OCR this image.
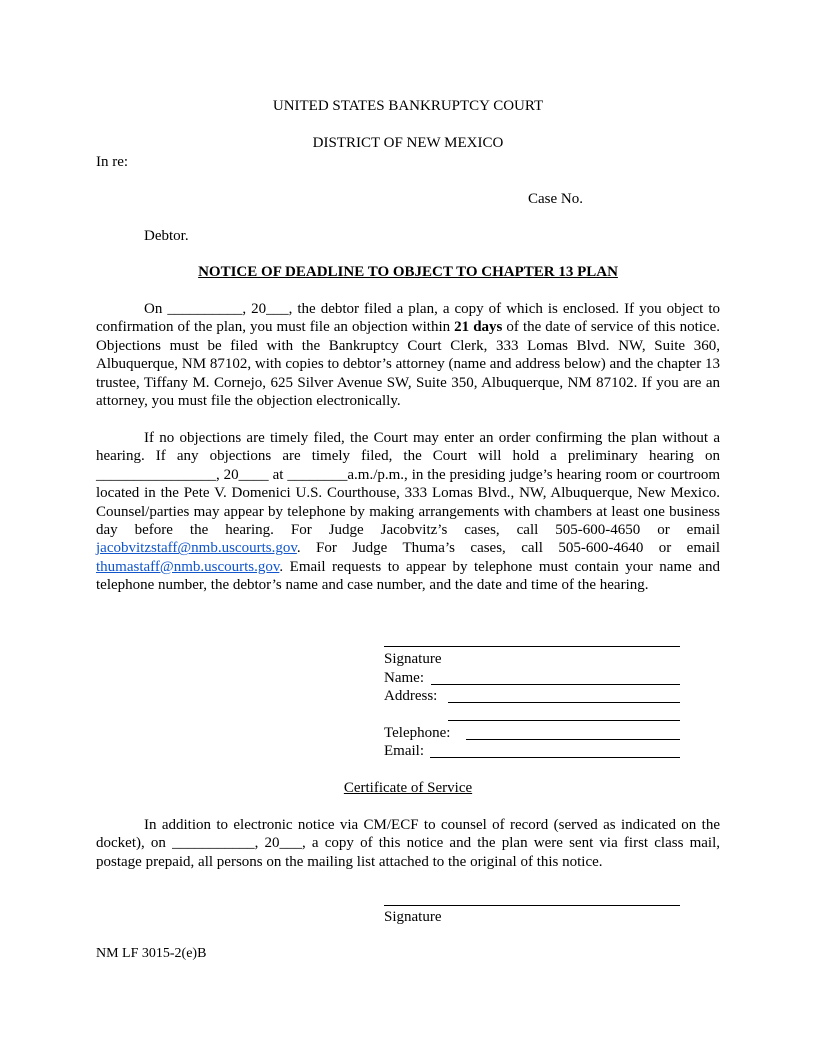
UNITED STATES BANKRUPTCY COURT
DISTRICT OF NEW MEXICO
In re:
Case No.
Debtor.
NOTICE OF DEADLINE TO OBJECT TO CHAPTER 13 PLAN
On __________, 20___, the debtor filed a plan, a copy of which is enclosed. If you object to confirmation of the plan, you must file an objection within 21 days of the date of service of this notice. Objections must be filed with the Bankruptcy Court Clerk, 333 Lomas Blvd. NW, Suite 360, Albuquerque, NM 87102, with copies to debtor’s attorney (name and address below) and the chapter 13 trustee, Tiffany M. Cornejo, 625 Silver Avenue SW, Suite 350, Albuquerque, NM 87102. If you are an attorney, you must file the objection electronically.
If no objections are timely filed, the Court may enter an order confirming the plan without a hearing. If any objections are timely filed, the Court will hold a preliminary hearing on ________________, 20____ at ________a.m./p.m., in the presiding judge’s hearing room or courtroom located in the Pete V. Domenici U.S. Courthouse, 333 Lomas Blvd., NW, Albuquerque, New Mexico. Counsel/parties may appear by telephone by making arrangements with chambers at least one business day before the hearing. For Judge Jacobvitz’s cases, call 505-600-4650 or email jacobvitzstaff@nmb.uscourts.gov. For Judge Thuma’s cases, call 505-600-4640 or email thumastaff@nmb.uscourts.gov. Email requests to appear by telephone must contain your name and telephone number, the debtor’s name and case number, and the date and time of the hearing.
Signature
Name:
Address:
Telephone:
Email:
Certificate of Service
In addition to electronic notice via CM/ECF to counsel of record (served as indicated on the docket), on ___________, 20___, a copy of this notice and the plan were sent via first class mail, postage prepaid, all persons on the mailing list attached to the original of this notice.
Signature
NM LF 3015-2(e)B
